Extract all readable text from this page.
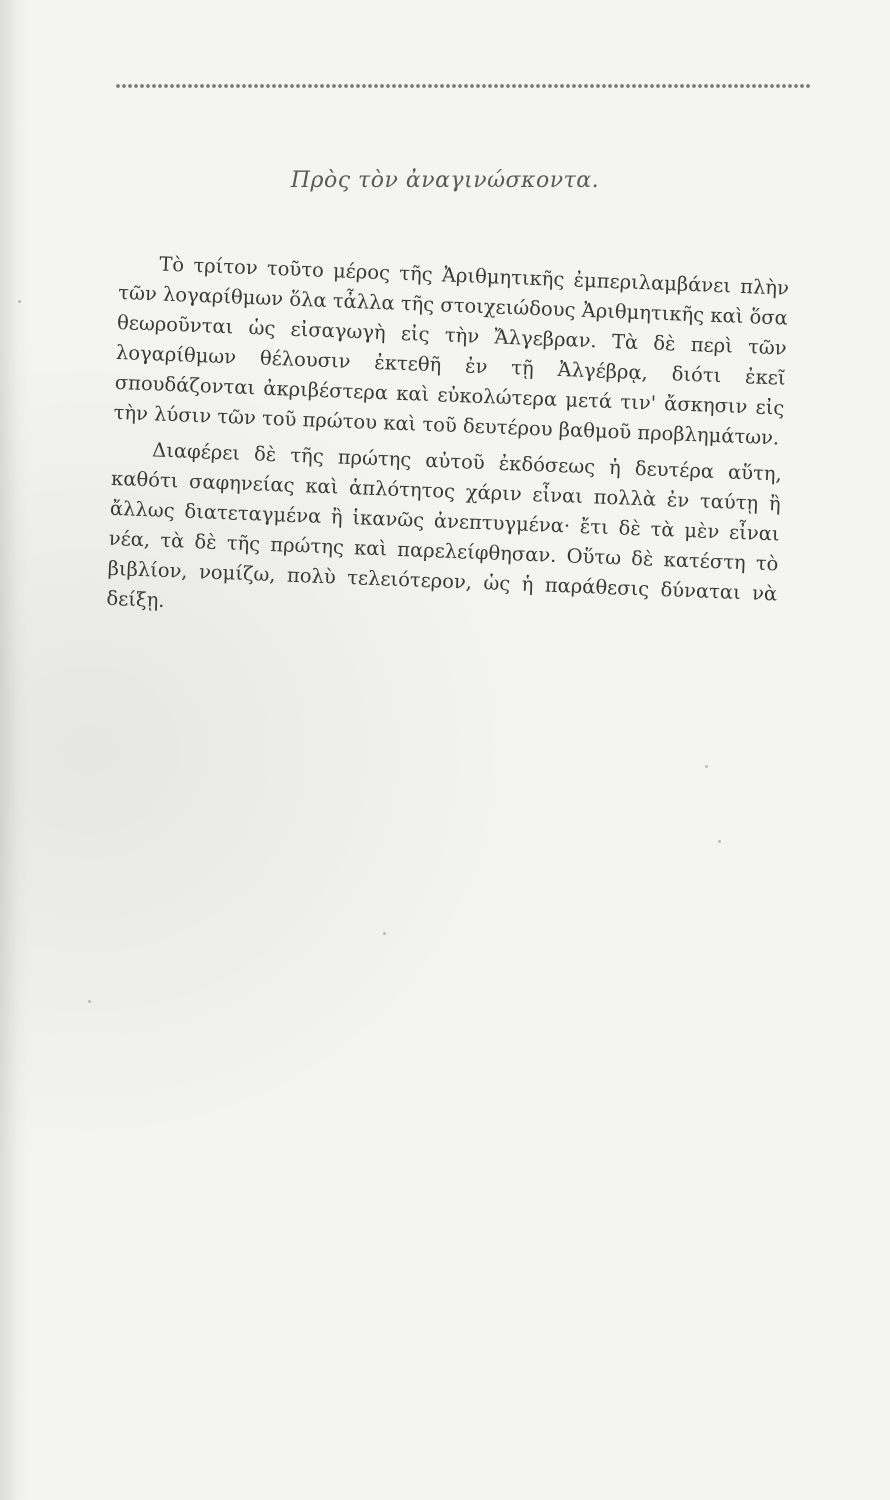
Πρὸς τὸν ἀναγινώσκοντα.

Τὸ τρίτον τοῦτο μέρος τῆς Ἀριθμητικῆς ἐμπεριλαμβάνει πλὴν τῶν λογαρίθμων ὅλα τἆλλα τῆς στοιχειώδους Ἀριθμητικῆς καὶ ὅσα θεωροῦνται ὡς εἰσαγωγὴ εἰς τὴν Ἄλγεβραν. Τὰ δὲ περὶ τῶν λογαρίθμων θέλουσιν ἐκτεθῆ ἐν τῇ Ἀλγέβρᾳ, διότι ἐκεῖ σπουδάζονται ἀκριβέστερα καὶ εὐκολώτερα μετά τιν' ἄσκησιν εἰς τὴν λύσιν τῶν τοῦ πρώτου καὶ τοῦ δευτέρου βαθμοῦ προβλημάτων.

Διαφέρει δὲ τῆς πρώτης αὐτοῦ ἐκδόσεως ἡ δευτέρα αὕτη, καθότι σαφηνείας καὶ ἁπλότητος χάριν εἶναι πολλὰ ἐν ταύτῃ ἢ ἄλλως διατεταγμένα ἢ ἱκανῶς ἀνεπτυγμένα· ἔτι δὲ τὰ μὲν εἶναι νέα, τὰ δὲ τῆς πρώτης καὶ παρελείφθησαν. Οὕτω δὲ κατέστη τὸ βιβλίον, νομίζω, πολὺ τελειότερον, ὡς ἡ παράθεσις δύναται νὰ δείξῃ.
